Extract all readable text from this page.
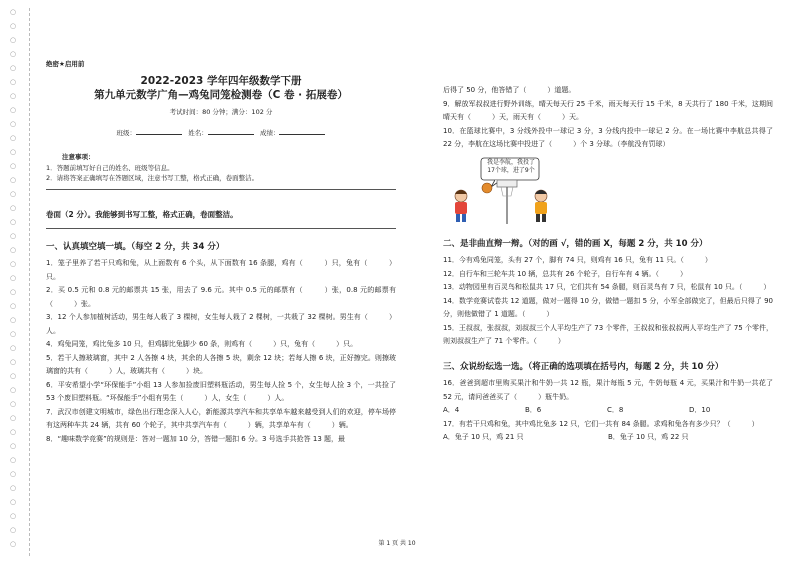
○
○
○
○
○
○
○
○
○
○
○
○
○
○
○
○
○
○
○
○
○
○
○
○
○
○
○
○
○
○
○
○
○
○
○
○
○
○
○
绝密★启用前
2022-2023 学年四年级数学下册
第九单元数学广角—鸡兔同笼检测卷（C 卷 · 拓展卷）
考试时间：80 分钟；满分：102 分
班级：	姓名：	成绩：
注意事项：
1．答题前填写好自己的姓名、班级等信息。
2．请将答案正确填写在答题区域，注意书写工整，格式正确，卷面整洁。
卷面（2 分）。我能够到书写工整，格式正确，卷面整洁。
一、认真填空填一填。（每空 2 分，共 34 分）
1．笼子里养了若干只鸡和兔，从上面数有 6 个头，从下面数有 16 条腿，鸡有（　　　）只，兔有（　　　）只。
2．买 0.5 元和 0.8 元的邮票共 15 张，用去了 9.6 元。其中 0.5 元的邮票有（　　　）张，0.8 元的邮票有（　　　）张。
3．12 个人参加植树活动，男生每人栽了 3 棵树，女生每人栽了 2 棵树，一共栽了 32 棵树。男生有（　　　）人。
4．鸡兔同笼，鸡比兔多 10 只，但鸡脚比兔脚少 60 条，则鸡有（　　　）只，兔有（　　　）只。
5．若干人擦玻璃窗，其中 2 人各擦 4 块，其余的人各擦 5 块，剩余 12 块；若每人擦 6 块，正好擦完。则擦玻璃窗的共有（　　　）人，玻璃共有（　　　）块。
6．平安希望小学“环保能手”小组 13 人参加捡废旧塑料瓶活动，男生每人捡 5 个，女生每人捡 3 个，一共捡了 53 个废旧塑料瓶。“环保能手”小组有男生（　　　）人，女生（　　　）人。
7．武汉市创建文明城市，绿色出行理念深入人心，新能源共享汽车和共享单车越来越受到人们的欢迎，停车场停有这两种车共 24 辆，共有 60 个轮子，其中共享汽车有（　　　）辆，共享单车有（　　　）辆。
8．“趣味数学竞赛”的规则是：答对一题加 10 分，答错一题扣 6 分。3 号选手共抢答 13 题，最
后得了 50 分，他答错了（　　　）道题。
9．解放军叔叔进行野外训练，晴天每天行 25 千米，雨天每天行 15 千米，8 天共行了 180 千米，这期间晴天有（　　　）天，雨天有（　　　）天。
10．在篮球比赛中，3 分线外投中一球记 3 分，3 分线内投中一球记 2 分。在一场比赛中李航总共得了 22 分，李航在这场比赛中投进了（　　　）个 3 分球。（李航没有罚球）
我是李航，我投了 17个球，进了9个
二、是非曲直辩一辩。（对的画 √，错的画 X，每题 2 分，共 10 分）
11．今有鸡兔同笼，头有 27 个，脚有 74 只，则鸡有 16 只，兔有 11 只。（　　　）
12．自行车和三轮车共 10 辆，总共有 26 个轮子，自行车有 4 辆。（　　　）
13．动物园里有百灵鸟和松鼠共 17 只，它们共有 54 条腿，则百灵鸟有 7 只，松鼠有 10 只。（　　　）
14．数学竞赛试卷共 12 道题，做对一题得 10 分，做错一题扣 5 分，小军全部做完了，但最后只得了 90 分，则他做错了 1 道题。（　　　）
15．王叔叔，张叔叔，刘叔叔三个人平均生产了 73 个零件，王叔叔和张叔叔两人平均生产了 75 个零件，则刘叔叔生产了 71 个零件。（　　　）
三、众说纷纭选一选。（将正确的选项填在括号内，每题 2 分，共 10 分）
16．爸爸到超市里购买果汁和牛奶一共 12 瓶，果汁每瓶 5 元，牛奶每瓶 4 元，买果汁和牛奶一共花了 52 元，请问爸爸买了（　　　）瓶牛奶。
A．4	B．6	C．8	D．10
17．有若干只鸡和兔，其中鸡比兔多 12 只，它们一共有 84 条腿。求鸡和兔各有多少只？（　　　）
A．兔子 10 只，鸡 21 只	B．兔子 10 只，鸡 22 只
第 1 页 共 10
